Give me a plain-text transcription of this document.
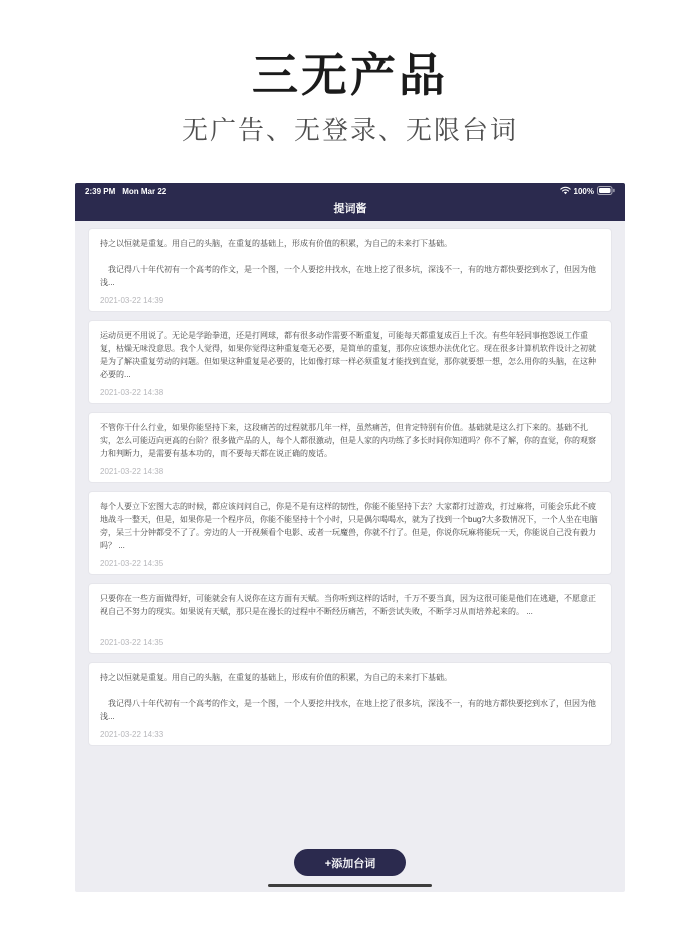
三无产品
无广告、无登录、无限台词
2:39 PM Mon Mar 22	100%
提词酱

持之以恒就是重复。用自己的头脑，在重复的基础上，形成有价值的积累，为自己的未来打下基础。

我记得八十年代初有一个高考的作文，是一个图，一个人要挖井找水，在地上挖了很多坑，深浅不一，有的地方都快要挖到水了，但因为他浅...

2021-03-22 14:39

运动员更不用说了。无论是学跆拳道，还是打网球，都有很多动作需要不断重复，可能每天都重复成百上千次。有些年轻同事抱怨说工作重复，枯燥无味没意思。我个人觉得，如果你觉得这种重复毫无必要，是简单的重复，那你应该想办法优化它。现在很多计算机软件设计之初就是为了解决重复劳动的问题。但如果这种重复是必要的，比如像打球一样必须重复才能找到直觉，那你就要想一想，怎么用你的头脑，在这种必要的...

2021-03-22 14:38

不管你干什么行业，如果你能坚持下来，这段痛苦的过程就那几年一样，虽然痛苦，但肯定特别有价值。基础就是这么打下来的。基础不扎实，怎么可能迈向更高的台阶？很多做产品的人，每个人都很激动，但是人家的内功练了多长时间你知道吗？你不了解，你的直觉，你的观察力和判断力，是需要有基本功的，而不要每天都在说正确的废话。

2021-03-22 14:38

每个人要立下宏图大志的时候，都应该问问自己，你是不是有这样的韧性，你能不能坚持下去？大家都打过游戏，打过麻将，可能会乐此不疲地战斗一整天，但是，如果你是一个程序员，你能不能坚持十个小时，只是偶尔喝喝水，就为了找到一个bug?大多数情况下，一个人坐在电脑旁，呆三十分钟都受不了了。旁边的人一开视频看个电影、或者一玩魔兽，你就不行了。但是，你说你玩麻将能玩一天，你能说自己没有毅力吗？ ...

2021-03-22 14:35

只要你在一些方面做得好，可能就会有人说你在这方面有天赋。当你听到这样的话时，千万不要当真，因为这很可能是他们在逃避，不愿意正视自己不努力的现实。如果说有天赋，那只是在漫长的过程中不断经历痛苦，不断尝试失败，不断学习从而培养起来的。 ...

2021-03-22 14:35

持之以恒就是重复。用自己的头脑，在重复的基础上，形成有价值的积累，为自己的未来打下基础。

我记得八十年代初有一个高考的作文，是一个图，一个人要挖井找水，在地上挖了很多坑，深浅不一，有的地方都快要挖到水了，但因为他浅...

2021-03-22 14:33
+添加台词
